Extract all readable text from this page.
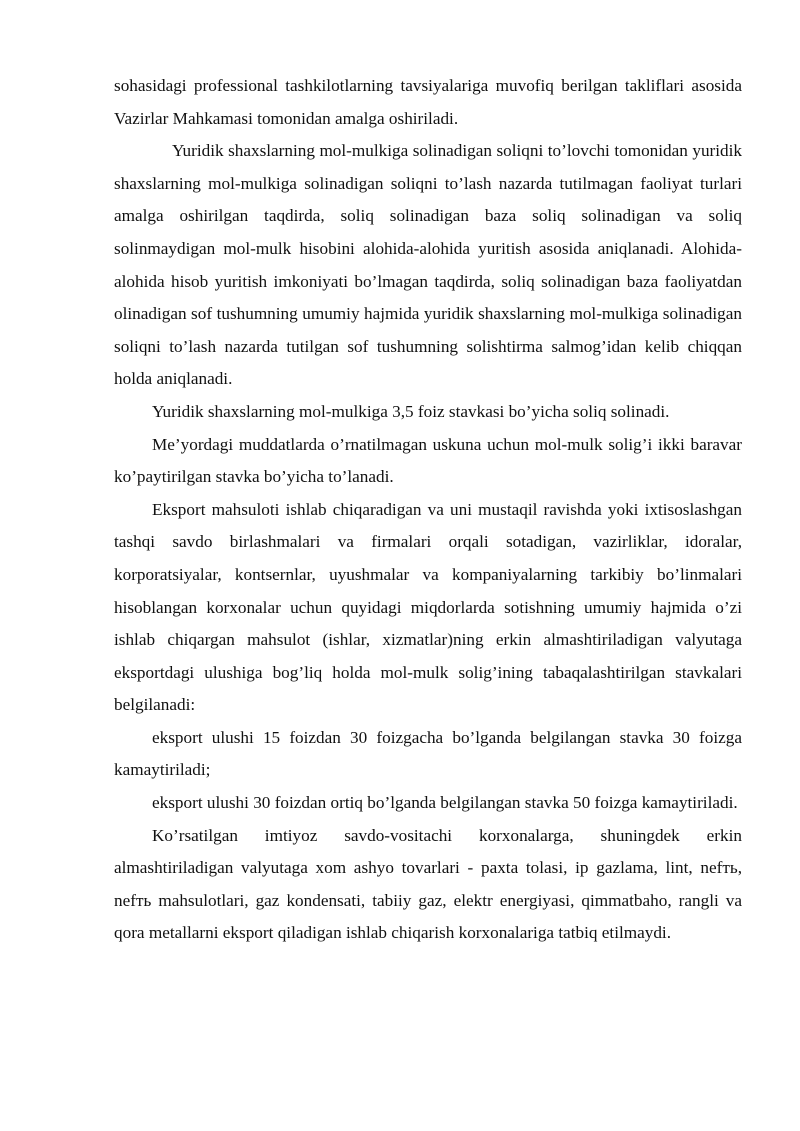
sohasidagi professional tashkilotlarning tavsiyalariga muvofiq berilgan takliflari asosida Vazirlar Mahkamasi tomonidan amalga oshiriladi.

Yuridik shaxslarning mol-mulkiga solinadigan soliqni to’lovchi tomonidan yuridik shaxslarning mol-mulkiga solinadigan soliqni to’lash nazarda tutilmagan faoliyat turlari amalga oshirilgan taqdirda, soliq solinadigan baza soliq solinadigan va soliq solinmaydigan mol-mulk hisobini alohida-alohida yuritish asosida aniqlanadi. Alohida-alohida hisob yuritish imkoniyati bo’lmagan taqdirda, soliq solinadigan baza faoliyatdan olinadigan sof tushumning umumiy hajmida yuridik shaxslarning mol-mulkiga solinadigan soliqni to’lash nazarda tutilgan sof tushumning solishtirma salmog’idan kelib chiqqan holda aniqlanadi.

Yuridik shaxslarning mol-mulkiga 3,5 foiz stavkasi bo’yicha soliq solinadi.

Me’yordagi muddatlarda o’rnatilmagan uskuna uchun mol-mulk solig’i ikki baravar ko’paytirilgan stavka bo’yicha to’lanadi.

Eksport mahsuloti ishlab chiqaradigan va uni mustaqil ravishda yoki ixtisoslashgan tashqi savdo birlashmalari va firmalari orqali sotadigan, vazirliklar, idoralar, korporatsiyalar, kontsernlar, uyushmalar va kompaniyalarning tarkibiy bo’linmalari hisoblangan korxonalar uchun quyidagi miqdorlarda sotishning umumiy hajmida o’zi ishlab chiqargan mahsulot (ishlar, xizmatlar)ning erkin almashtiriladigan valyutaga eksportdagi ulushiga bog’liq holda mol-mulk solig’ining tabaqalashtirilgan stavkalari belgilanadi:

eksport ulushi 15 foizdan 30 foizgacha bo’lganda belgilangan stavka 30 foizga kamaytiriladi;

eksport ulushi 30 foizdan ortiq bo’lganda belgilangan stavka 50 foizga kamaytiriladi.

Ko’rsatilgan imtiyoz savdo-vositachi korxonalarga, shuningdek erkin almashtiriladigan valyutaga xom ashyo tovarlari - paxta tolasi, ip gazlama, lint, nefть, nefть mahsulotlari, gaz kondensati, tabiiy gaz, elektr energiyasi, qimmatbaho, rangli va qora metallarni eksport qiladigan ishlab chiqarish korxonalariga tatbiq etilmaydi.
